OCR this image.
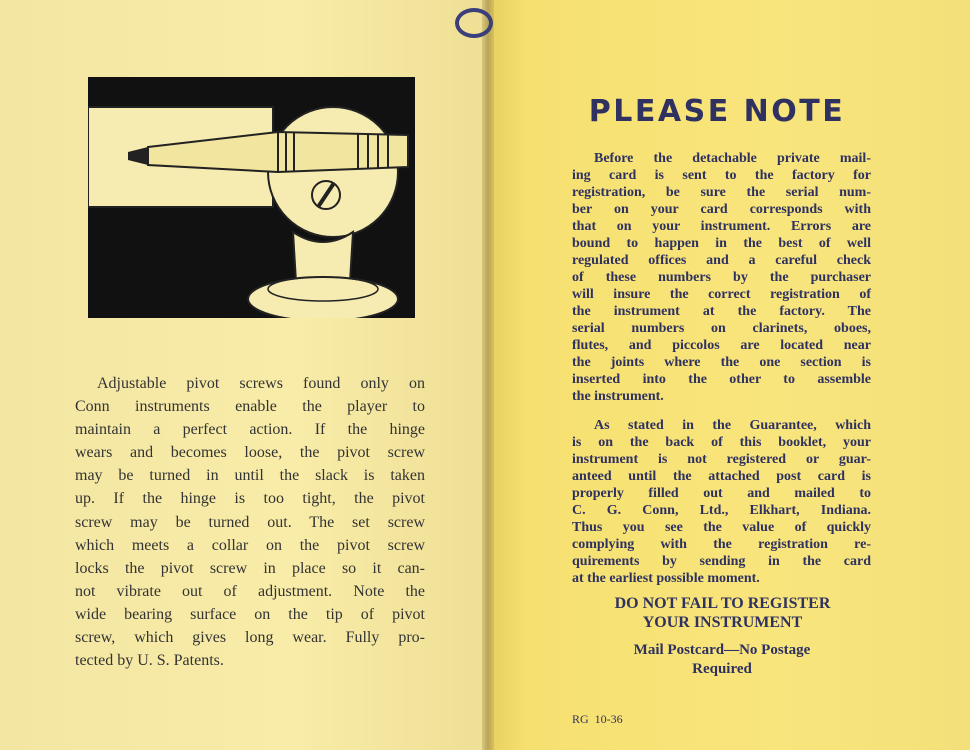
Adjustable pivot screws found only on
Conn instruments enable the player to
maintain a perfect action. If the hinge
wears and becomes loose, the pivot screw
may be turned in until the slack is taken
up. If the hinge is too tight, the pivot
screw may be turned out. The set screw
which meets a collar on the pivot screw
locks the pivot screw in place so it can-
not vibrate out of adjustment. Note the
wide bearing surface on the tip of pivot
screw, which gives long wear. Fully pro-
tected by U. S. Patents.
PLEASE NOTE
Before the detachable private mail-
ing card is sent to the factory for
registration, be sure the serial num-
ber on your card corresponds with
that on your instrument. Errors are
bound to happen in the best of well
regulated offices and a careful check
of these numbers by the purchaser
will insure the correct registration of
the instrument at the factory. The
serial numbers on clarinets, oboes,
flutes, and piccolos are located near
the joints where the one section is
inserted into the other to assemble
the instrument.
As stated in the Guarantee, which
is on the back of this booklet, your
instrument is not registered or guar-
anteed until the attached post card is
properly filled out and mailed to
C. G. Conn, Ltd., Elkhart, Indiana.
Thus you see the value of quickly
complying with the registration re-
quirements by sending in the card
at the earliest possible moment.
DO NOT FAIL TO REGISTER
YOUR INSTRUMENT
Mail Postcard—No Postage
Required
RG  10-36
